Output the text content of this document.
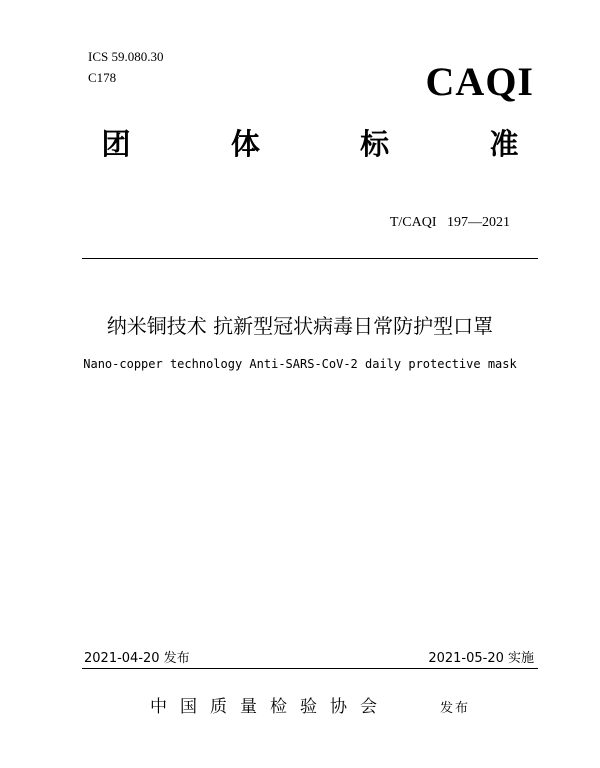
ICS 59.080.30
C178	CAQI
团	体	标	准
T/CAQI   197—2021
纳米铜技术 抗新型冠状病毒日常防护型口罩
Nano-copper technology Anti-SARS-CoV-2 daily protective mask
2021-04-20 发布	2021-05-20 实施
中国质量检验协会	发布
